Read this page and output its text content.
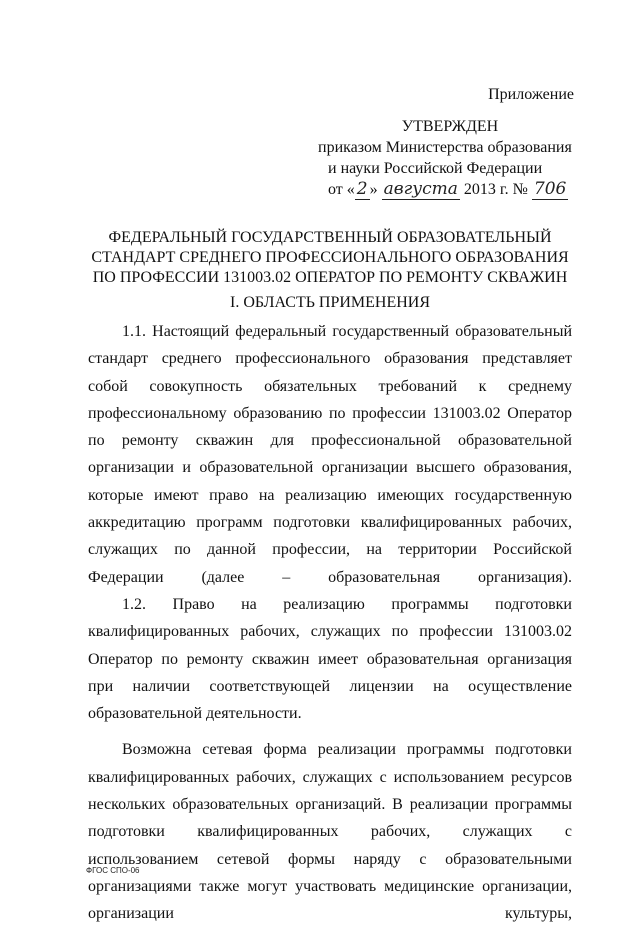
Приложение
УТВЕРЖДЕН
приказом Министерства образования
и науки Российской Федерации
от « 2 » августа 2013 г. № 706
ФЕДЕРАЛЬНЫЙ ГОСУДАРСТВЕННЫЙ ОБРАЗОВАТЕЛЬНЫЙ
СТАНДАРТ СРЕДНЕГО ПРОФЕССИОНАЛЬНОГО ОБРАЗОВАНИЯ
ПО ПРОФЕССИИ 131003.02 ОПЕРАТОР ПО РЕМОНТУ СКВАЖИН
I. ОБЛАСТЬ ПРИМЕНЕНИЯ

1.1. Настоящий федеральный государственный образовательный стандарт среднего профессионального образования представляет собой совокупность обязательных требований к среднему профессиональному образованию по профессии 131003.02 Оператор по ремонту скважин для профессиональной образовательной организации и образовательной организации высшего образования, которые имеют право на реализацию имеющих государственную аккредитацию программ подготовки квалифицированных рабочих, служащих по данной профессии, на территории Российской Федерации (далее – образовательная организация).

1.2. Право на реализацию программы подготовки квалифицированных рабочих, служащих по профессии 131003.02 Оператор по ремонту скважин имеет образовательная организация при наличии соответствующей лицензии на осуществление образовательной деятельности.

Возможна сетевая форма реализации программы подготовки квалифицированных рабочих, служащих с использованием ресурсов нескольких образовательных организаций. В реализации программы подготовки квалифицированных рабочих, служащих с использованием сетевой формы наряду с образовательными организациями также могут участвовать медицинские организации, организации культуры,

ФГОС СПО-06
